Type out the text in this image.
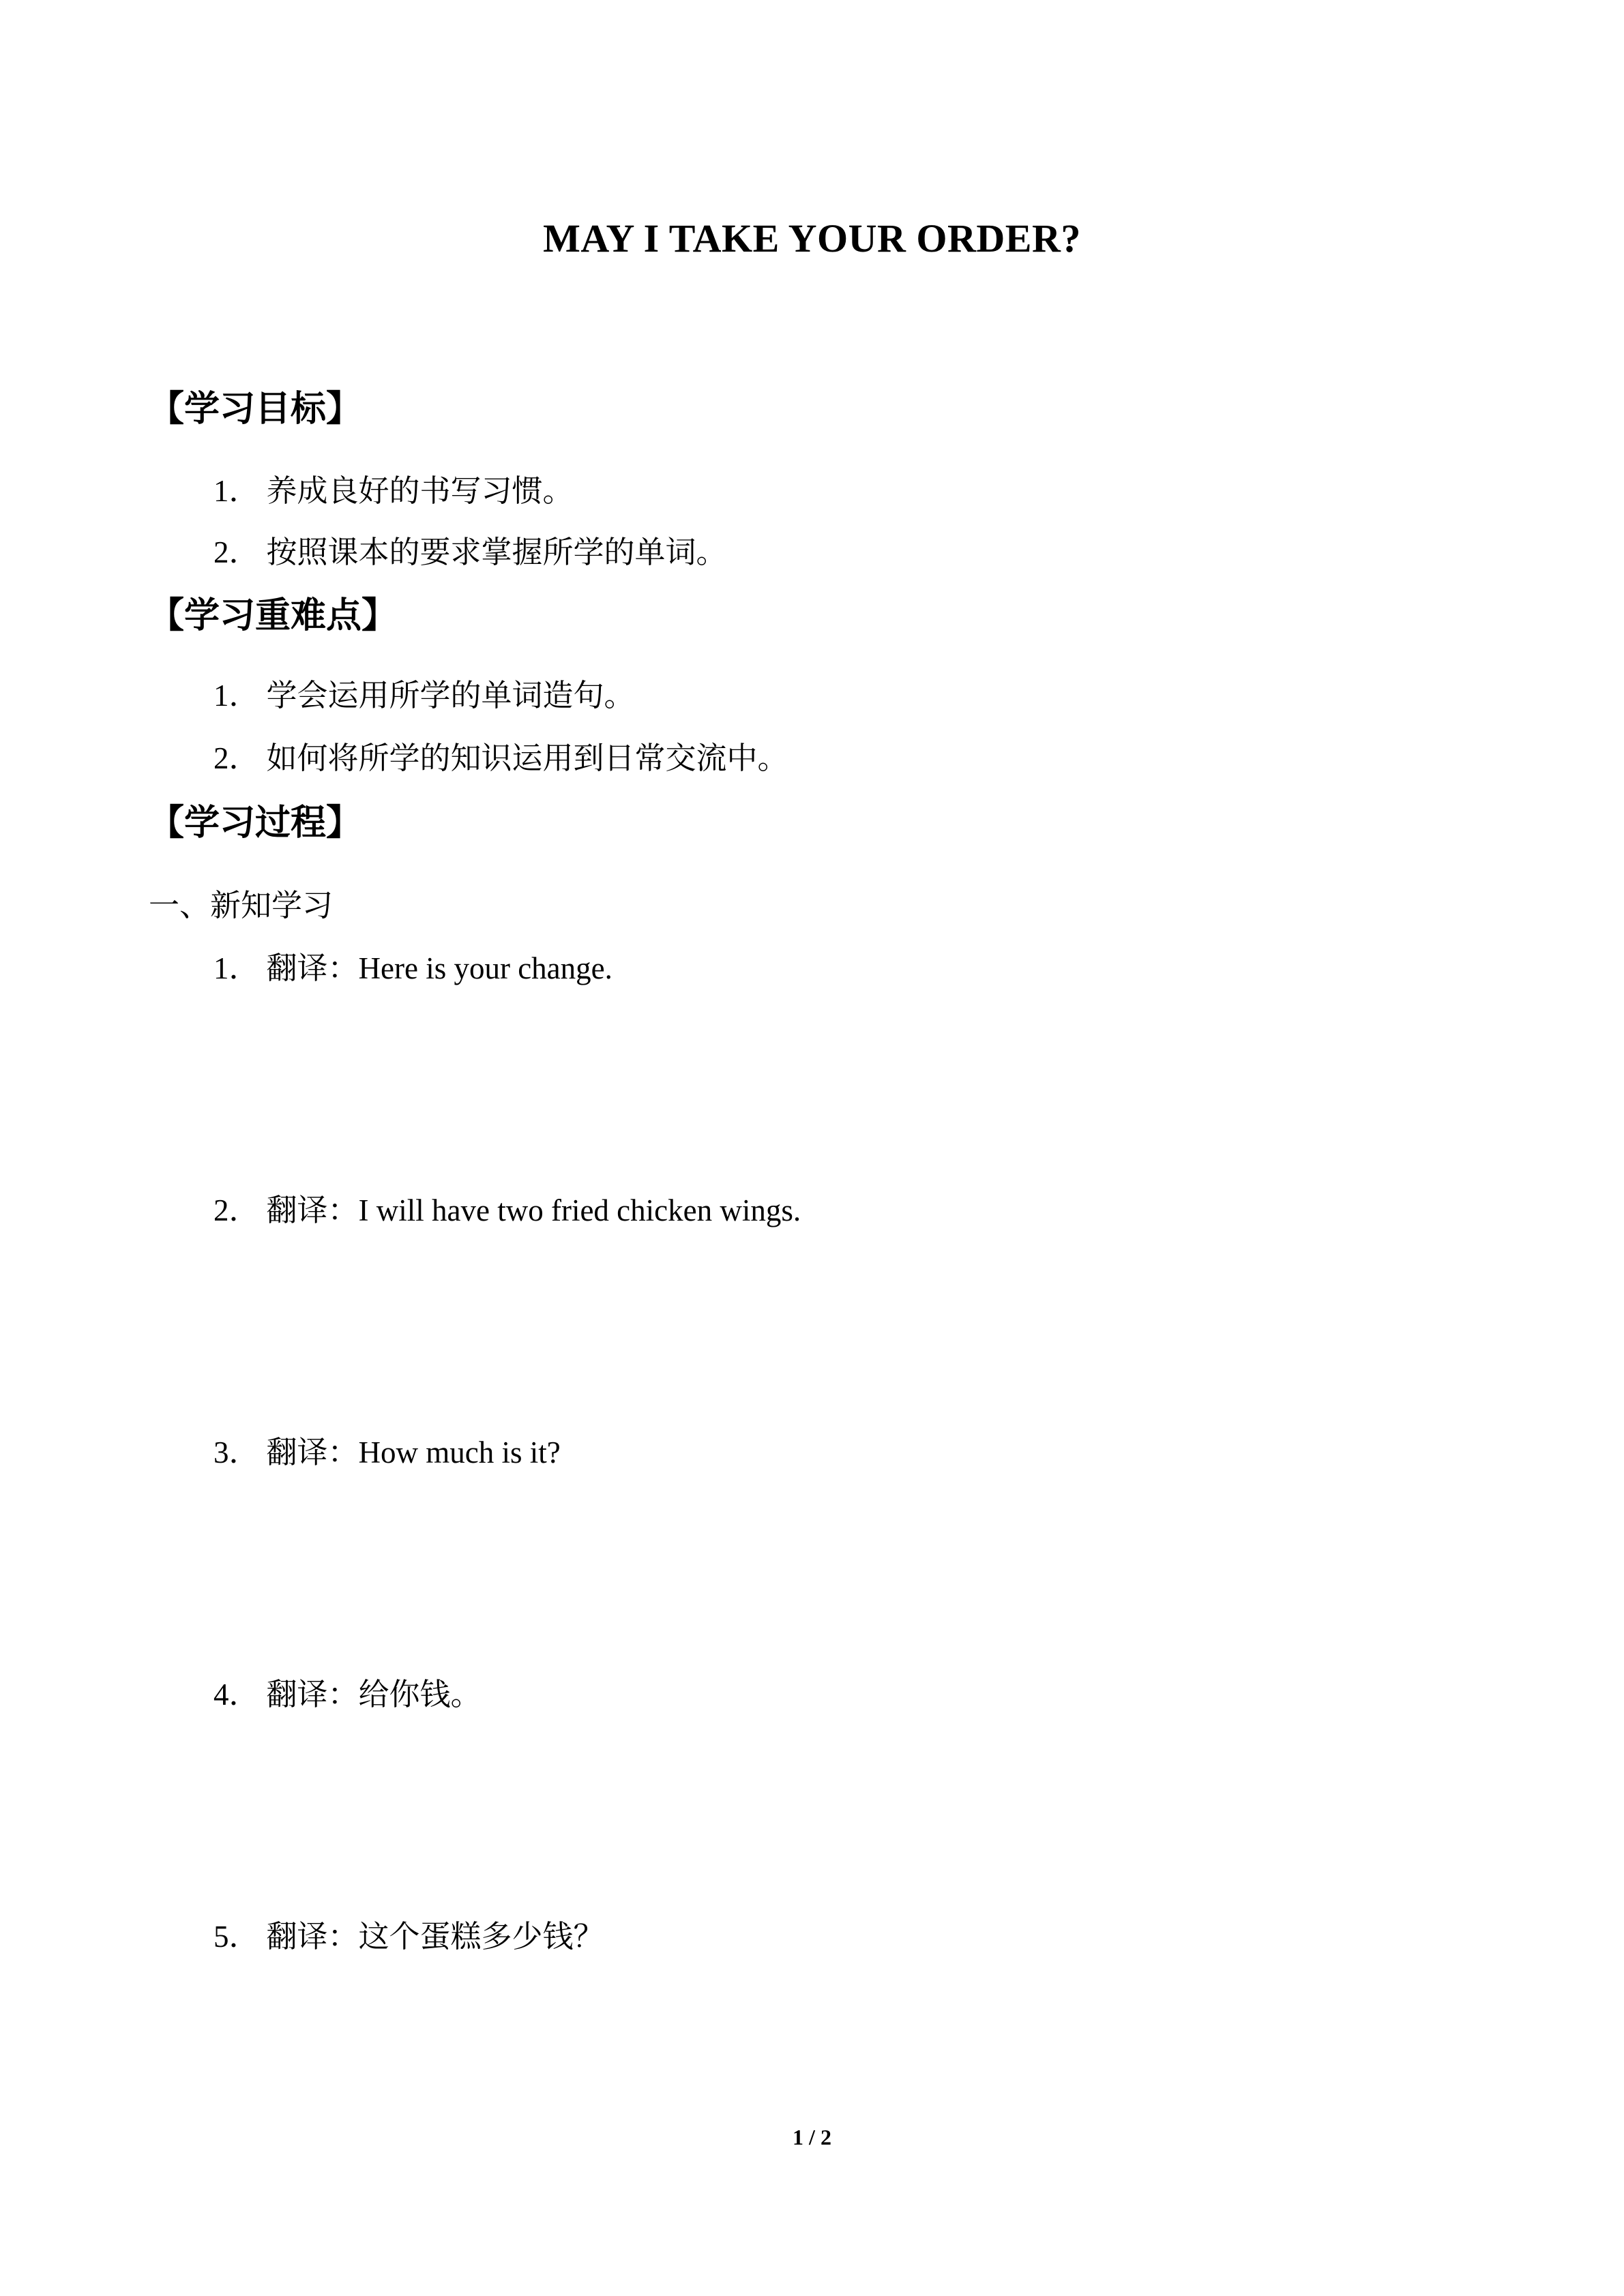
MAY I TAKE YOUR ORDER?
【学习目标】
1． 养成良好的书写习惯。
2． 按照课本的要求掌握所学的单词。
【学习重难点】
1． 学会运用所学的单词造句。
2． 如何将所学的知识运用到日常交流中。
【学习过程】
一、新知学习
1． 翻译：Here is your change.
2． 翻译：I will have two fried chicken wings.
3． 翻译：How much is it?
4． 翻译：给你钱。
5． 翻译：这个蛋糕多少钱？
1 / 2
